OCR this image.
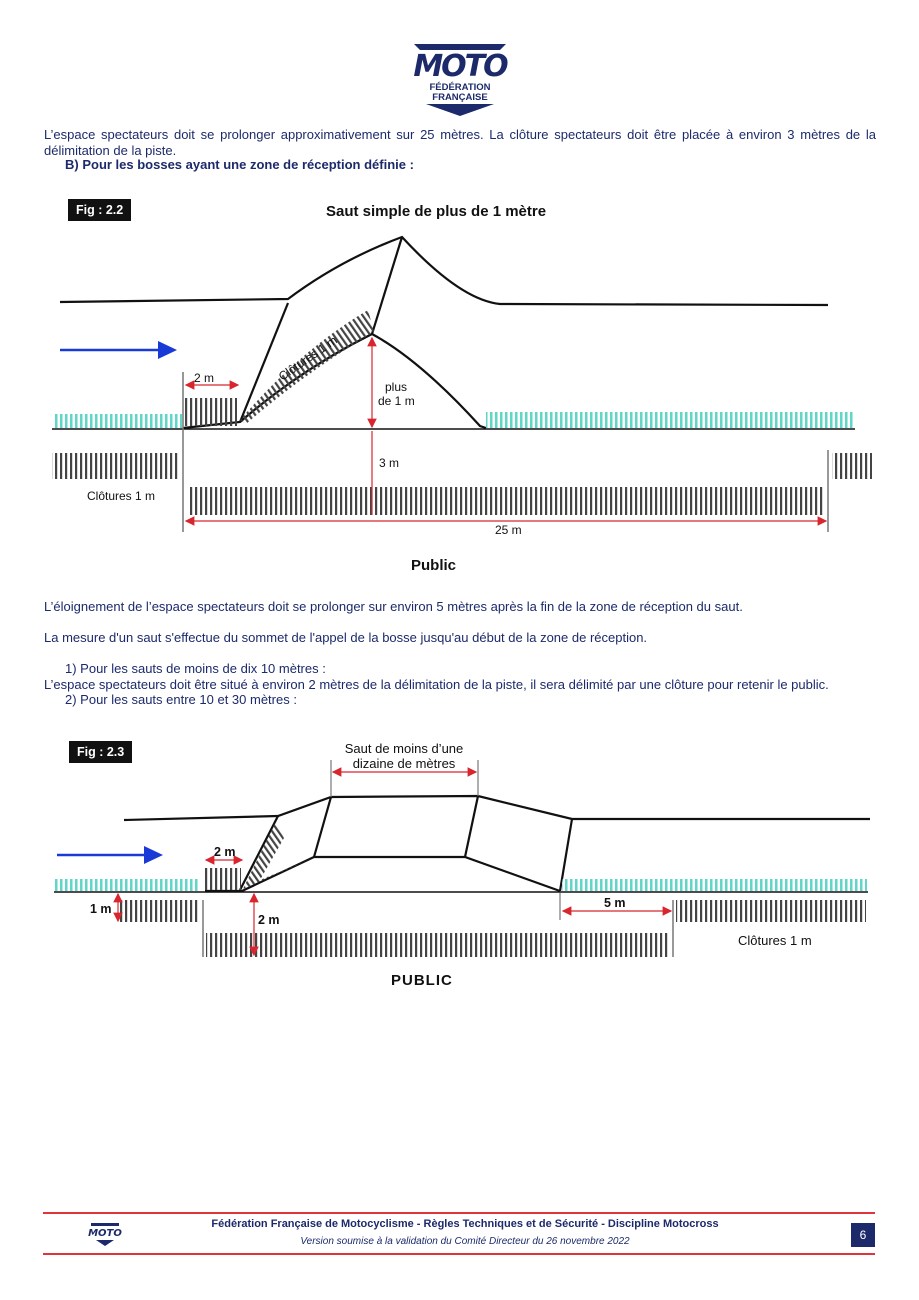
MOTO
FÉDÉRATION
FRANÇAISE
L’espace spectateurs doit se prolonger approximativement sur 25 mètres. La clôture spectateurs doit être placée à environ 3 mètres de la délimitation de la piste.
B) Pour les bosses ayant une zone de réception définie :
Fig : 2.2	Saut simple de plus de 1 mètre
2 m	Clôtures 1 m
plus
de 1 m
3 m
Clôtures 1 m
25 m
Public
L’éloignement de l’espace spectateurs doit se prolonger sur environ 5 mètres après la fin de la zone de réception du saut.
La mesure d'un saut s'effectue du sommet de l'appel de la bosse jusqu'au début de la zone de réception.
1) Pour les sauts de moins de dix 10 mètres :
L’espace spectateurs doit être situé à environ 2 mètres de la délimitation de la piste, il sera délimité par une clôture pour retenir le public.
2) Pour les sauts entre 10 et 30 mètres :
Fig : 2.3	Saut de moins d’une
dizaine de mètres
2 m
1 m
2 m
5 m
Clôtures 1 m
PUBLIC
MOTO
Fédération Française de Motocyclisme - Règles Techniques et de Sécurité - Discipline Motocross
Version soumise à la validation du Comité Directeur du 26 novembre 2022	6
